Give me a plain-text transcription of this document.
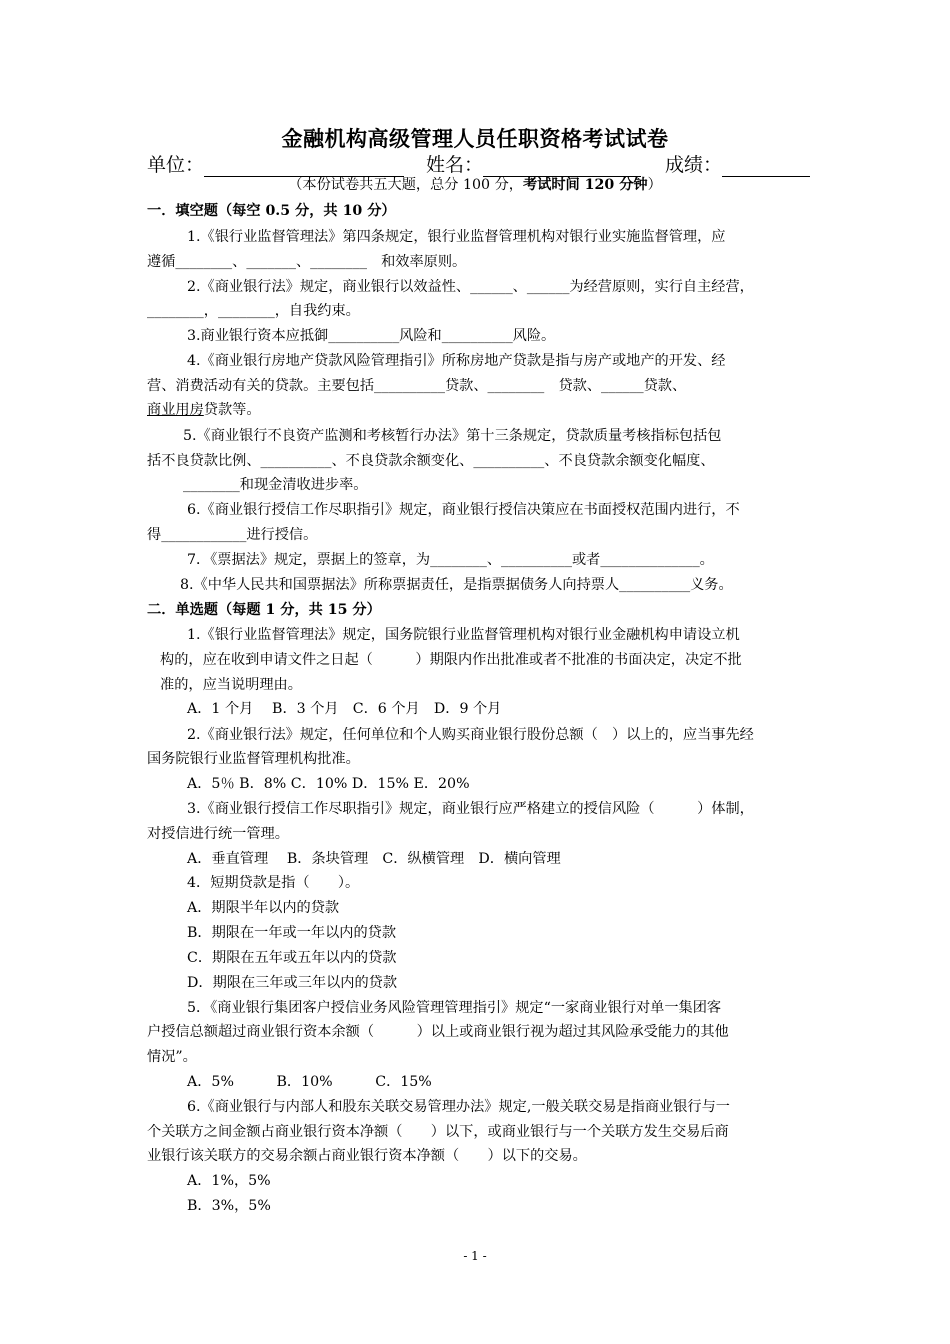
金融机构高级管理人员任职资格考试试卷
单位：	姓名：	成绩：
（本份试卷共五大题，总分 100 分，考试时间 120 分钟）
一．填空题（每空 0.5 分，共 10 分）
1.《银行业监督管理法》第四条规定，银行业监督管理机构对银行业实施监督管理，应
遵循________、_______、________　和效率原则。
2.《商业银行法》规定，商业银行以效益性、______、______为经营原则，实行自主经营，
________，________，自我约束。
3.商业银行资本应抵御__________风险和__________风险。
4.《商业银行房地产贷款风险管理指引》所称房地产贷款是指与房产或地产的开发、经
营、消费活动有关的贷款。主要包括__________贷款、________　贷款、______贷款、
商业用房贷款等。
5.《商业银行不良资产监测和考核暂行办法》第十三条规定，贷款质量考核指标包括包
括不良贷款比例、__________、不良贷款余额变化、__________、不良贷款余额变化幅度、
________和现金清收进步率。
6.《商业银行授信工作尽职指引》规定，商业银行授信决策应在书面授权范围内进行，不
得____________进行授信。
7．《票据法》规定，票据上的签章，为________、__________或者______________。
8.《中华人民共和国票据法》所称票据责任，是指票据债务人向持票人__________义务。
二．单选题（每题 1 分，共 15 分）
1.《银行业监督管理法》规定，国务院银行业监督管理机构对银行业金融机构申请设立机
构的，应在收到申请文件之日起（　　　）期限内作出批准或者不批准的书面决定，决定不批
准的，应当说明理由。
A．1 个月　 B．3 个月　C．6 个月　D．9 个月
2.《商业银行法》规定，任何单位和个人购买商业银行股份总额（　）以上的，应当事先经
国务院银行业监督管理机构批准。
A．5％ B．8% C．10% D．15% E．20%
3.《商业银行授信工作尽职指引》规定，商业银行应严格建立的授信风险（　　　）体制，
对授信进行统一管理。
A．垂直管理　 B．条块管理　C．纵横管理　D．横向管理
4．短期贷款是指（　　）。
A．期限半年以内的贷款
B．期限在一年或一年以内的贷款
C．期限在五年或五年以内的贷款
D．期限在三年或三年以内的贷款
5．《商业银行集团客户授信业务风险管理管理指引》规定“一家商业银行对单一集团客
户授信总额超过商业银行资本余额（　　　）以上或商业银行视为超过其风险承受能力的其他
情况”。
A．5%　　　B．10%　　　C．15%
6.《商业银行与内部人和股东关联交易管理办法》规定,一般关联交易是指商业银行与一
个关联方之间金额占商业银行资本净额（　　）以下，或商业银行与一个关联方发生交易后商
业银行该关联方的交易余额占商业银行资本净额（　　）以下的交易。
A．1%，5%
B．3%，5%
- 1 -
